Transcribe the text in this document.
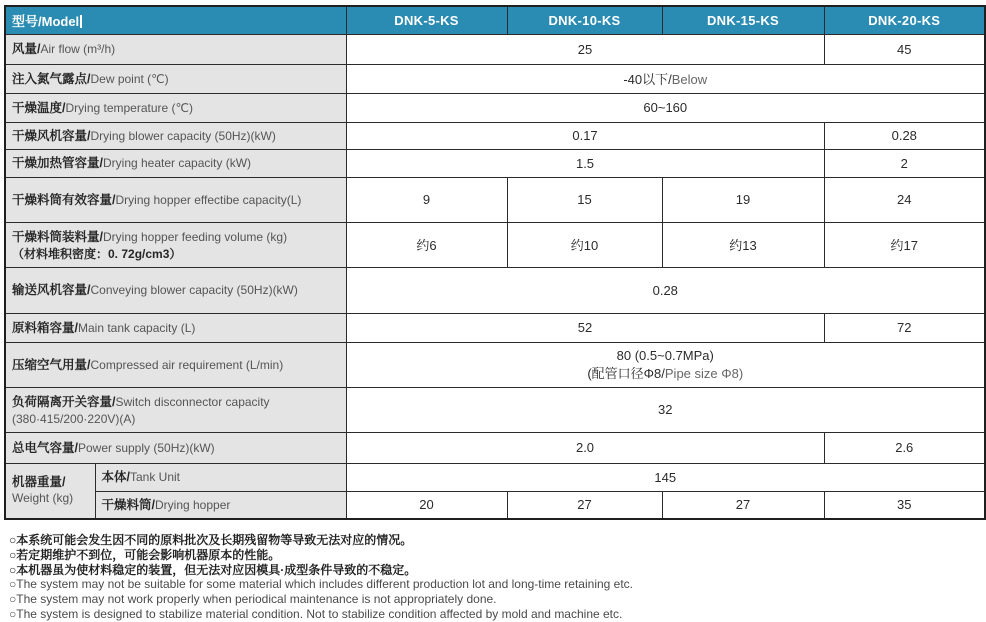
型号/Model		DNK-5-KS	DNK-10-KS	DNK-15-KS	DNK-20-KS
风量/Air flow (m³/h)		25			45
注入氮气露点/Dew point (℃)		-40以下/Below			
干燥温度/Drying temperature (℃)		60~160			
干燥风机容量/Drying blower capacity (50Hz)(kW)		0.17			0.28
干燥加热管容量/Drying heater capacity (kW)		1.5			2
干燥料筒有效容量/Drying hopper effectibe capacity(L)		9	15	19	24

干燥料筒装料量/Drying hopper feeding volume (kg)
（材料堆积密度：0. 72g/cm3）		约6	约10	约13	约17
输送风机容量/Conveying blower capacity (50Hz)(kW)		0.28			
原料箱容量/Main tank capacity (L)		52			72
压缩空气用量/Compressed air requirement (L/min)		80 (0.5~0.7MPa)
(配管口径Φ8/Pipe size Φ8)			

负荷隔离开关容量/Switch disconnector capacity
(380·415/200·220V)(A)		32			
总电气容量/Power supply (50Hz)(kW)		2.0			2.6

机器重量/
Weight (kg)	本体/Tank Unit	145			
	干燥料筒/Drying hopper	20	27	27	35
○本系统可能会发生因不同的原料批次及长期残留物等导致无法对应的情况。
○若定期维护不到位，可能会影响机器原本的性能。
○本机器虽为使材料稳定的装置，但无法对应因模具·成型条件导致的不稳定。
○The system may not be suitable for some material which includes different production lot and long-time retaining etc.
○The system may not work properly when periodical maintenance is not appropriately done.
○The system is designed to stabilize material condition. Not to stabilize condition affected by mold and machine etc.
